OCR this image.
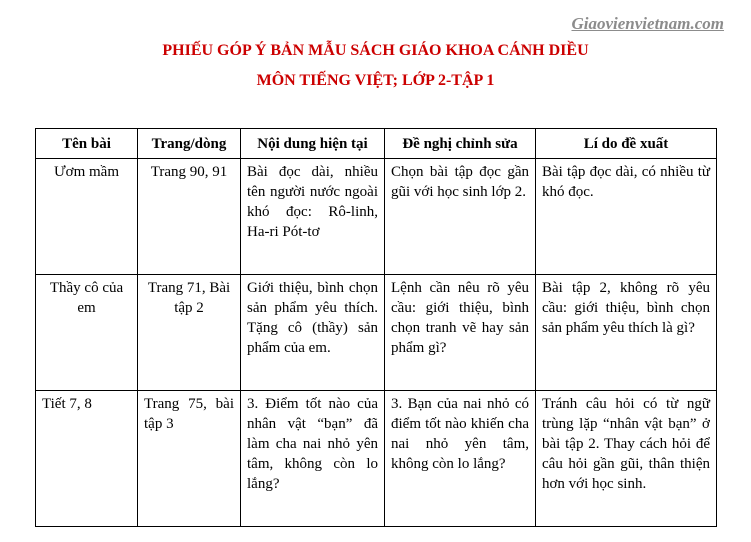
Giaovienvietnam.com
PHIẾU GÓP Ý BẢN MẪU SÁCH GIÁO KHOA CÁNH DIỀU
MÔN TIẾNG VIỆT; LỚP 2-TẬP 1
Tên bài	Trang/dòng	Nội dung hiện tại	Đề nghị chỉnh sửa	Lí do đề xuất
Ươm mầm	Trang 90, 91	Bài đọc dài, nhiều tên người nước ngoài khó đọc: Rô-linh, Ha-ri Pót-tơ	Chọn bài tập đọc gần gũi với học sinh lớp 2.	Bài tập đọc dài, có nhiều từ khó đọc.
Thầy cô của em	Trang 71, Bài tập 2	Giới thiệu, bình chọn sản phẩm yêu thích. Tặng cô (thầy) sản phẩm của em.	Lệnh cần nêu rõ yêu cầu: giới thiệu, bình chọn tranh vẽ hay sản phẩm gì?	Bài tập 2, không rõ yêu cầu: giới thiệu, bình chọn sản phẩm yêu thích là gì?
Tiết 7, 8	Trang 75, bài tập 3	3. Điểm tốt nào của nhân vật “bạn” đã làm cha nai nhỏ yên tâm, không còn lo lắng?	3. Bạn của nai nhỏ có điểm tốt nào khiến cha nai nhỏ yên tâm, không còn lo lắng?	Tránh câu hỏi có từ ngữ trùng lặp “nhân vật bạn” ở bài tập 2. Thay cách hỏi để câu hỏi gần gũi, thân thiện hơn với học sinh.
